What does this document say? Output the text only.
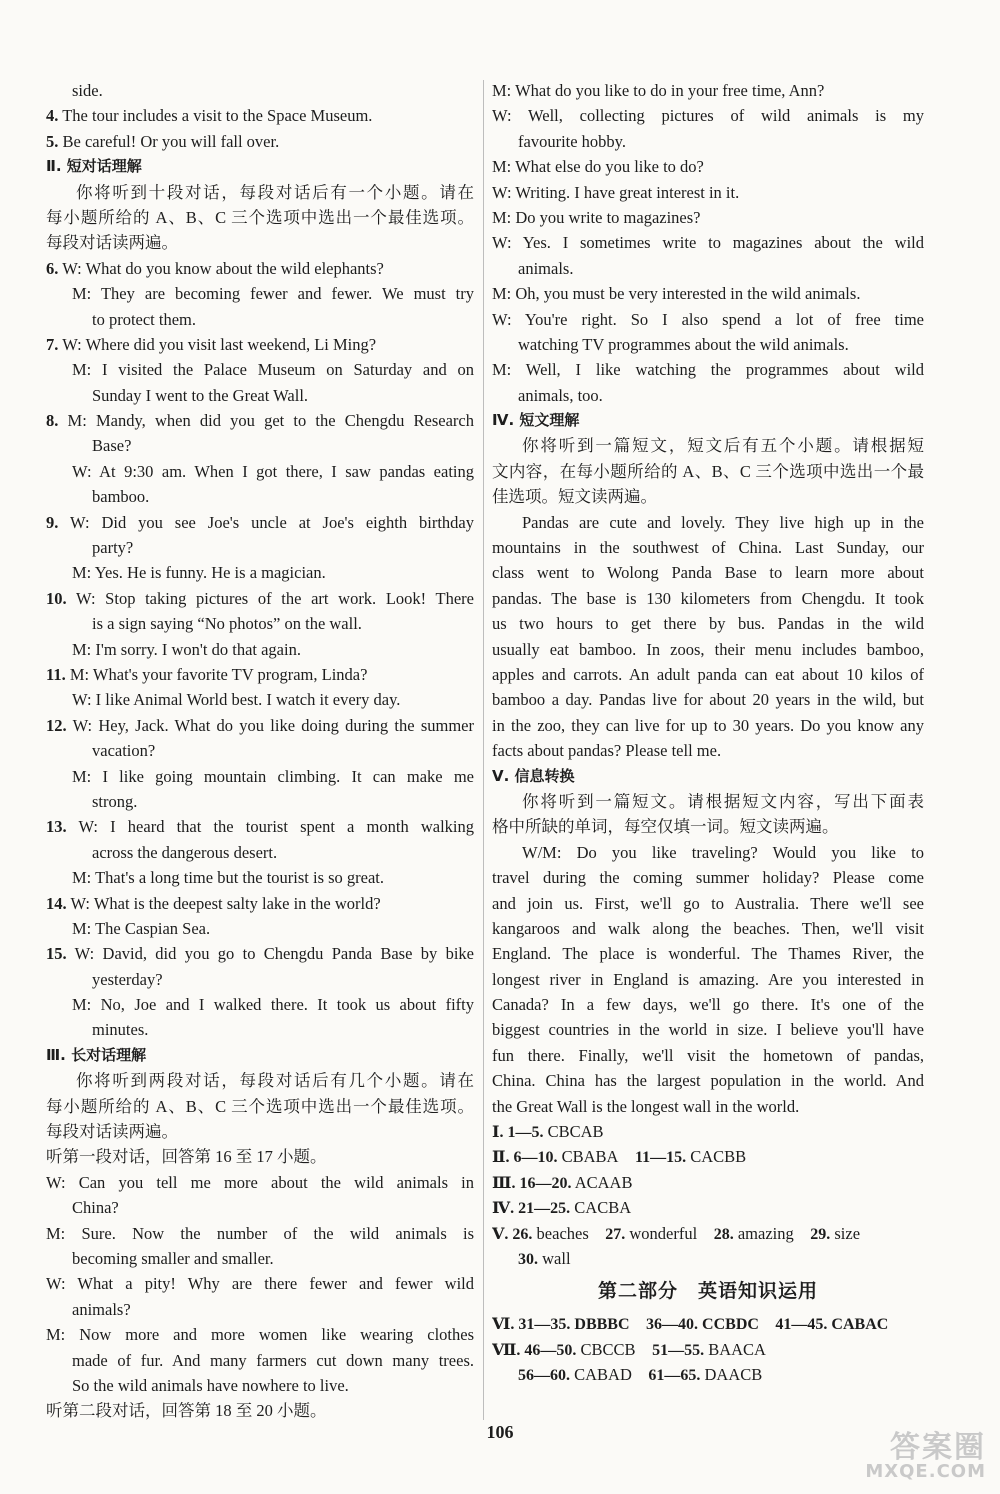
side.
4. The tour includes a visit to the Space Museum.
5. Be careful! Or you will fall over.
Ⅱ. 短对话理解
你将听到十段对话，每段对话后有一个小题。请在
每小题所给的 A、B、C 三个选项中选出一个最佳选项。
每段对话读两遍。
6. W: What do you know about the wild elephants?
M: They are becoming fewer and fewer. We must try
to protect them.
7. W: Where did you visit last weekend, Li Ming?
M: I visited the Palace Museum on Saturday and on
Sunday I went to the Great Wall.
8. M: Mandy, when did you get to the Chengdu Research
Base?
W: At 9:30 am. When I got there, I saw pandas eating
bamboo.
9. W: Did you see Joe's uncle at Joe's eighth birthday
party?
M: Yes. He is funny. He is a magician.
10. W: Stop taking pictures of the art work. Look! There
is a sign saying “No photos” on the wall.
M: I'm sorry. I won't do that again.
11. M: What's your favorite TV program, Linda?
W: I like Animal World best. I watch it every day.
12. W: Hey, Jack. What do you like doing during the summer
vacation?
M: I like going mountain climbing. It can make me
strong.
13. W: I heard that the tourist spent a month walking
across the dangerous desert.
M: That's a long time but the tourist is so great.
14. W: What is the deepest salty lake in the world?
M: The Caspian Sea.
15. W: David, did you go to Chengdu Panda Base by bike
yesterday?
M: No, Joe and I walked there. It took us about fifty
minutes.
Ⅲ. 长对话理解
你将听到两段对话，每段对话后有几个小题。请在
每小题所给的 A、B、C 三个选项中选出一个最佳选项。
每段对话读两遍。
听第一段对话，回答第 16 至 17 小题。
W: Can you tell me more about the wild animals in
China?
M: Sure. Now the number of the wild animals is
becoming smaller and smaller.
W: What a pity! Why are there fewer and fewer wild
animals?
M: Now more and more women like wearing clothes
made of fur. And many farmers cut down many trees.
So the wild animals have nowhere to live.
听第二段对话，回答第 18 至 20 小题。
M: What do you like to do in your free time, Ann?
W: Well, collecting pictures of wild animals is my
favourite hobby.
M: What else do you like to do?
W: Writing. I have great interest in it.
M: Do you write to magazines?
W: Yes. I sometimes write to magazines about the wild
animals.
M: Oh, you must be very interested in the wild animals.
W: You're right. So I also spend a lot of free time
watching TV programmes about the wild animals.
M: Well, I like watching the programmes about wild
animals, too.
Ⅳ. 短文理解
你将听到一篇短文，短文后有五个小题。请根据短
文内容，在每小题所给的 A、B、C 三个选项中选出一个最
佳选项。短文读两遍。
Pandas are cute and lovely. They live high up in the
mountains in the southwest of China. Last Sunday, our
class went to Wolong Panda Base to learn more about
pandas. The base is 130 kilometers from Chengdu. It took
us two hours to get there by bus. Pandas in the wild
usually eat bamboo. In zoos, their menu includes bamboo,
apples and carrots. An adult panda can eat about 10 kilos of
bamboo a day. Pandas live for about 20 years in the wild, but
in the zoo, they can live for up to 30 years. Do you know any
facts about pandas? Please tell me.
Ⅴ. 信息转换
你将听到一篇短文。请根据短文内容，写出下面表
格中所缺的单词，每空仅填一词。短文读两遍。
W/M: Do you like traveling? Would you like to
travel during the coming summer holiday? Please come
and join us. First, we'll go to Australia. There we'll see
kangaroos and walk along the beaches. Then, we'll visit
England. The place is wonderful. The Thames River, the
longest river in England is amazing. Are you interested in
Canada? In a few days, we'll go there. It's one of the
biggest countries in the world in size. I believe you'll have
fun there. Finally, we'll visit the hometown of pandas,
China. China has the largest population in the world. And
the Great Wall is the longest wall in the world.
Ⅰ. 1—5. CBCAB
Ⅱ. 6—10. CBABA  11—15. CACBB
Ⅲ. 16—20. ACAAB
Ⅳ. 21—25. CACBA
Ⅴ. 26. beaches  27. wonderful  28. amazing  29. size
30. wall
第二部分　英语知识运用
Ⅵ. 31—35. DBBBC  36—40. CCBDC  41—45. CABAC
Ⅶ. 46—50. CBCCB  51—55. BAACA
56—60. CABAD  61—65. DAACB
106	答案圈
MXQE.COM
